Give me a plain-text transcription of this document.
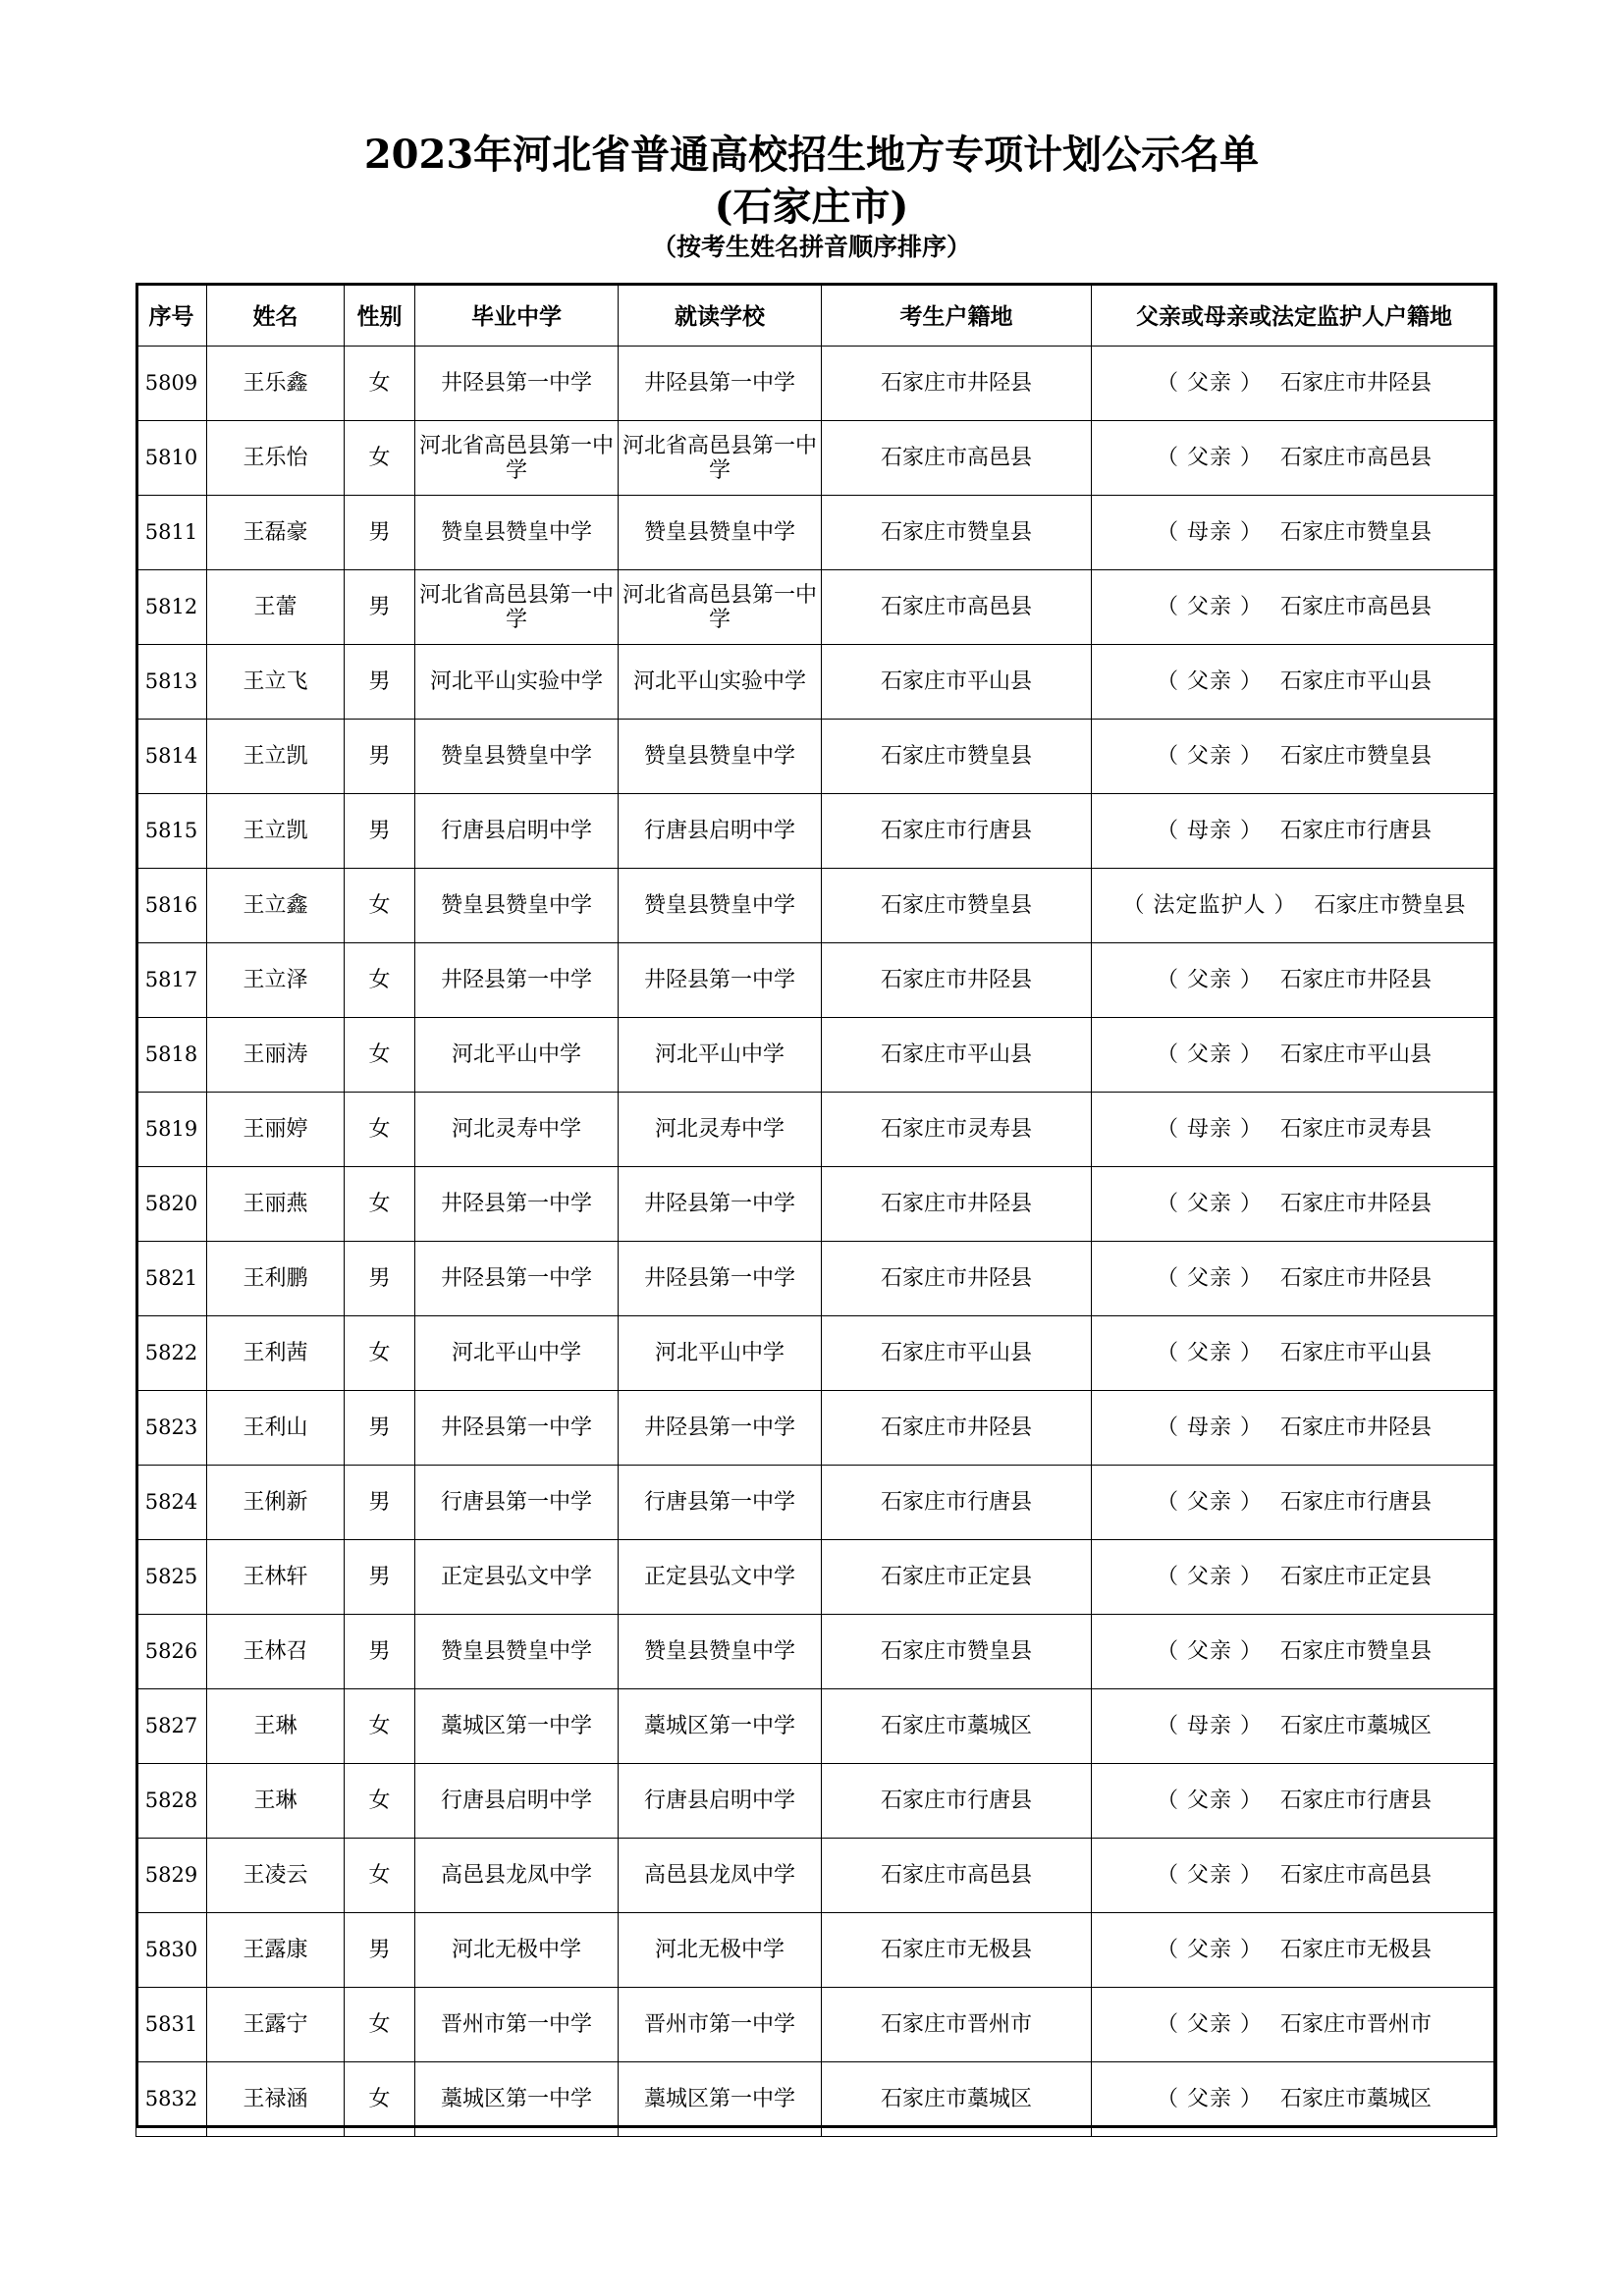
2023年河北省普通高校招生地方专项计划公示名单
(石家庄市)
（按考生姓名拼音顺序排序）
序号	姓名	性别	毕业中学	就读学校	考生户籍地	父亲或母亲或法定监护人户籍地
5809	王乐鑫	女	井陉县第一中学	井陉县第一中学	石家庄市井陉县	（ 父亲 ） 石家庄市井陉县
5810	王乐怡	女	河北省高邑县第一中学	河北省高邑县第一中学	石家庄市高邑县	（ 父亲 ） 石家庄市高邑县
5811	王磊豪	男	赞皇县赞皇中学	赞皇县赞皇中学	石家庄市赞皇县	（ 母亲 ） 石家庄市赞皇县
5812	王蕾	男	河北省高邑县第一中学	河北省高邑县第一中学	石家庄市高邑县	（ 父亲 ） 石家庄市高邑县
5813	王立飞	男	河北平山实验中学	河北平山实验中学	石家庄市平山县	（ 父亲 ） 石家庄市平山县
5814	王立凯	男	赞皇县赞皇中学	赞皇县赞皇中学	石家庄市赞皇县	（ 父亲 ） 石家庄市赞皇县
5815	王立凯	男	行唐县启明中学	行唐县启明中学	石家庄市行唐县	（ 母亲 ） 石家庄市行唐县
5816	王立鑫	女	赞皇县赞皇中学	赞皇县赞皇中学	石家庄市赞皇县	（ 法定监护人 ） 石家庄市赞皇县
5817	王立泽	女	井陉县第一中学	井陉县第一中学	石家庄市井陉县	（ 父亲 ） 石家庄市井陉县
5818	王丽涛	女	河北平山中学	河北平山中学	石家庄市平山县	（ 父亲 ） 石家庄市平山县
5819	王丽婷	女	河北灵寿中学	河北灵寿中学	石家庄市灵寿县	（ 母亲 ） 石家庄市灵寿县
5820	王丽燕	女	井陉县第一中学	井陉县第一中学	石家庄市井陉县	（ 父亲 ） 石家庄市井陉县
5821	王利鹏	男	井陉县第一中学	井陉县第一中学	石家庄市井陉县	（ 父亲 ） 石家庄市井陉县
5822	王利茜	女	河北平山中学	河北平山中学	石家庄市平山县	（ 父亲 ） 石家庄市平山县
5823	王利山	男	井陉县第一中学	井陉县第一中学	石家庄市井陉县	（ 母亲 ） 石家庄市井陉县
5824	王俐新	男	行唐县第一中学	行唐县第一中学	石家庄市行唐县	（ 父亲 ） 石家庄市行唐县
5825	王林轩	男	正定县弘文中学	正定县弘文中学	石家庄市正定县	（ 父亲 ） 石家庄市正定县
5826	王林召	男	赞皇县赞皇中学	赞皇县赞皇中学	石家庄市赞皇县	（ 父亲 ） 石家庄市赞皇县
5827	王琳	女	藁城区第一中学	藁城区第一中学	石家庄市藁城区	（ 母亲 ） 石家庄市藁城区
5828	王琳	女	行唐县启明中学	行唐县启明中学	石家庄市行唐县	（ 父亲 ） 石家庄市行唐县
5829	王凌云	女	高邑县龙凤中学	高邑县龙凤中学	石家庄市高邑县	（ 父亲 ） 石家庄市高邑县
5830	王露康	男	河北无极中学	河北无极中学	石家庄市无极县	（ 父亲 ） 石家庄市无极县
5831	王露宁	女	晋州市第一中学	晋州市第一中学	石家庄市晋州市	（ 父亲 ） 石家庄市晋州市
5832	王禄涵	女	藁城区第一中学	藁城区第一中学	石家庄市藁城区	（ 父亲 ） 石家庄市藁城区
